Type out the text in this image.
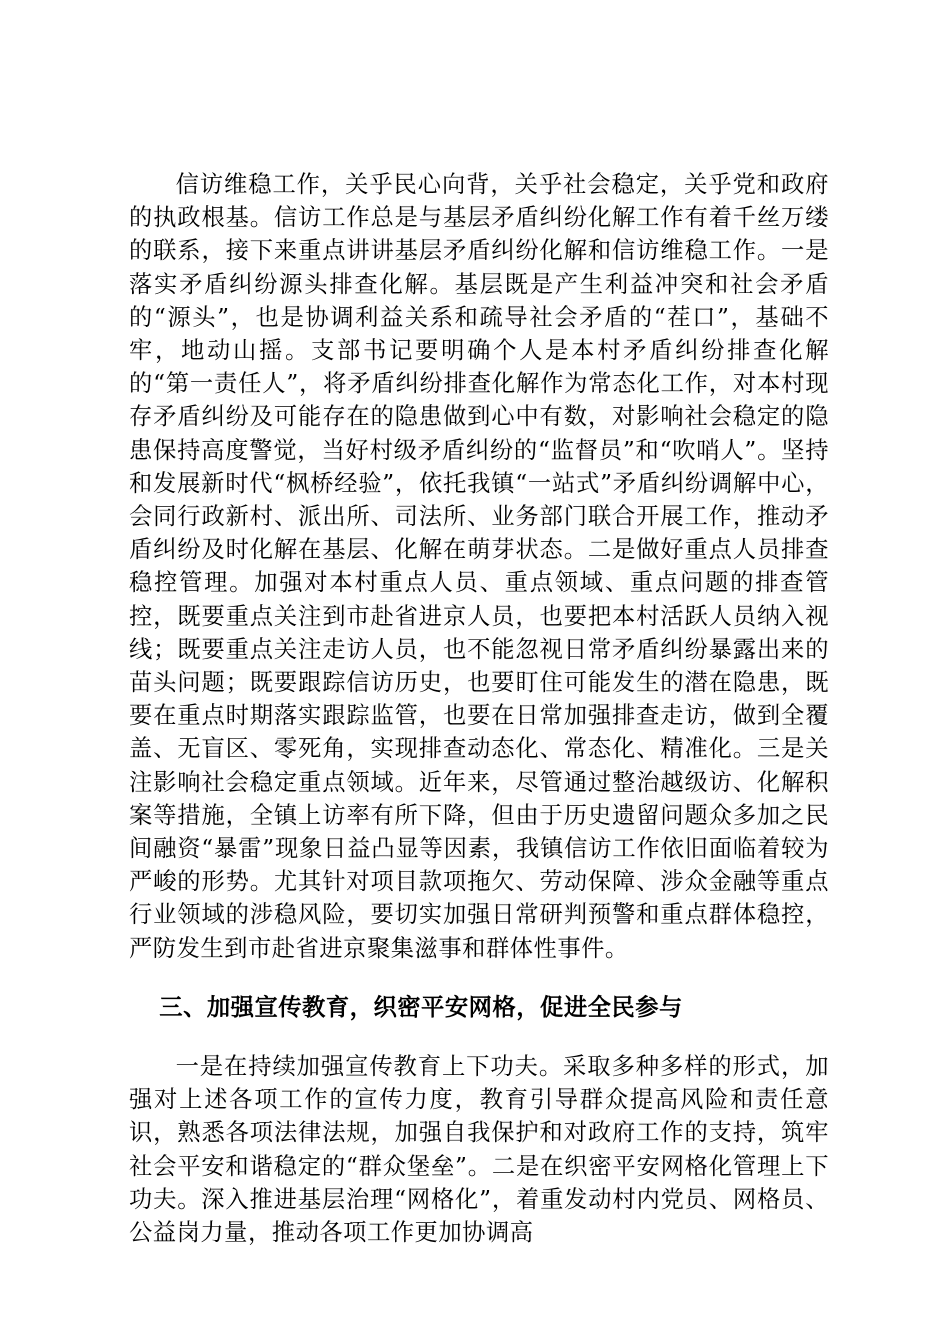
信访维稳工作，关乎民心向背，关乎社会稳定，关乎党和政府的执政根基。信访工作总是与基层矛盾纠纷化解工作有着千丝万缕的联系，接下来重点讲讲基层矛盾纠纷化解和信访维稳工作。一是落实矛盾纠纷源头排查化解。基层既是产生利益冲突和社会矛盾的“源头”，也是协调利益关系和疏导社会矛盾的“茬口”，基础不牢，地动山摇。支部书记要明确个人是本村矛盾纠纷排查化解的“第一责任人”，将矛盾纠纷排查化解作为常态化工作，对本村现存矛盾纠纷及可能存在的隐患做到心中有数，对影响社会稳定的隐患保持高度警觉，当好村级矛盾纠纷的“监督员”和“吹哨人”。坚持和发展新时代“枫桥经验”，依托我镇“一站式”矛盾纠纷调解中心，会同行政新村、派出所、司法所、业务部门联合开展工作，推动矛盾纠纷及时化解在基层、化解在萌芽状态。二是做好重点人员排查稳控管理。加强对本村重点人员、重点领域、重点问题的排查管控，既要重点关注到市赴省进京人员，也要把本村活跃人员纳入视线；既要重点关注走访人员，也不能忽视日常矛盾纠纷暴露出来的苗头问题；既要跟踪信访历史，也要盯住可能发生的潜在隐患，既要在重点时期落实跟踪监管，也要在日常加强排查走访，做到全覆盖、无盲区、零死角，实现排查动态化、常态化、精准化。三是关注影响社会稳定重点领域。近年来，尽管通过整治越级访、化解积案等措施，全镇上访率有所下降，但由于历史遗留问题众多加之民间融资“暴雷”现象日益凸显等因素，我镇信访工作依旧面临着较为严峻的形势。尤其针对项目款项拖欠、劳动保障、涉众金融等重点行业领域的涉稳风险，要切实加强日常研判预警和重点群体稳控，严防发生到市赴省进京聚集滋事和群体性事件。

三、加强宣传教育，织密平安网格，促进全民参与

一是在持续加强宣传教育上下功夫。采取多种多样的形式，加强对上述各项工作的宣传力度，教育引导群众提高风险和责任意识，熟悉各项法律法规，加强自我保护和对政府工作的支持，筑牢社会平安和谐稳定的“群众堡垒”。二是在织密平安网格化管理上下功夫。深入推进基层治理“网格化”，着重发动村内党员、网格员、公益岗力量，推动各项工作更加协调高
